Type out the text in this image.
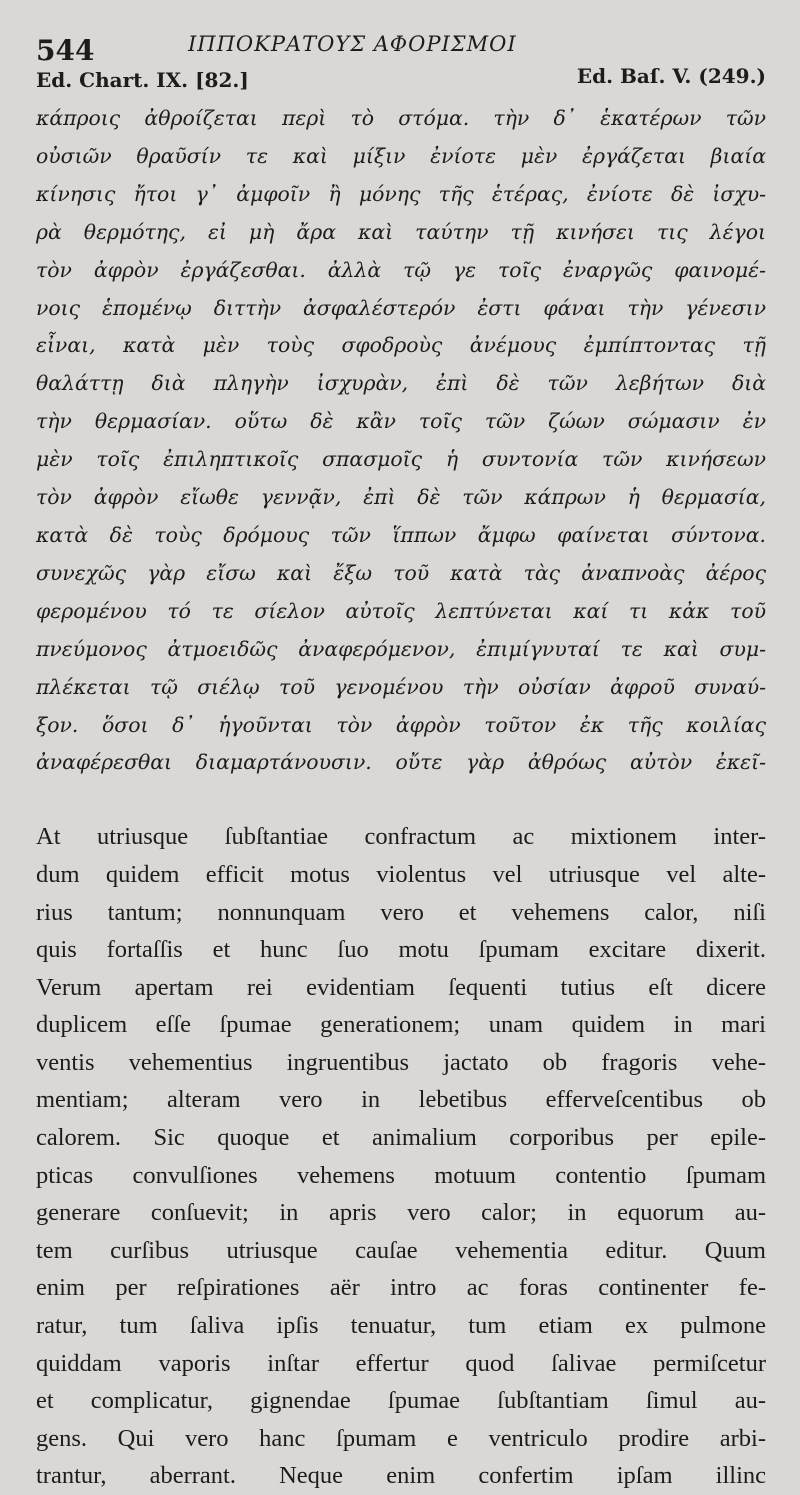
544	ΙΠΠΟΚΡΑΤΟΥΣ ΑΦΟΡΙΣΜΟΙ
Ed. Chart. IX. [82.]	Ed. Baſ. V. (249.)
κάπροις ἀθροίζεται περὶ τὸ στόμα. τὴν δ᾽ ἑκατέρων τῶν
οὐσιῶν θραῦσίν τε καὶ μίξιν ἐνίοτε μὲν ἐργάζεται βιαία
κίνησις ἤτοι γ᾽ ἀμφοῖν ἢ μόνης τῆς ἑτέρας, ἐνίοτε δὲ ἰσχυ-
ρὰ θερμότης, εἰ μὴ ἄρα καὶ ταύτην τῇ κινήσει τις λέγοι
τὸν ἀφρὸν ἐργάζεσθαι. ἀλλὰ τῷ γε τοῖς ἐναργῶς φαινομέ-
νοις ἑπομένῳ διττὴν ἀσφαλέστερόν ἐστι φάναι τὴν γένεσιν
εἶναι, κατὰ μὲν τοὺς σφοδροὺς ἀνέμους ἐμπίπτοντας τῇ
θαλάττῃ διὰ πληγὴν ἰσχυρὰν, ἐπὶ δὲ τῶν λεβήτων διὰ
τὴν θερμασίαν. οὕτω δὲ κἂν τοῖς τῶν ζώων σώμασιν ἐν
μὲν τοῖς ἐπιληπτικοῖς σπασμοῖς ἡ συντονία τῶν κινήσεων
τὸν ἀφρὸν εἴωθε γεννᾷν, ἐπὶ δὲ τῶν κάπρων ἡ θερμασία,
κατὰ δὲ τοὺς δρόμους τῶν ἵππων ἄμφω φαίνεται σύντονα.
συνεχῶς γὰρ εἴσω καὶ ἔξω τοῦ κατὰ τὰς ἀναπνοὰς ἀέρος
φερομένου τό τε σίελον αὐτοῖς λεπτύνεται καί τι κἀκ τοῦ
πνεύμονος ἀτμοειδῶς ἀναφερόμενον, ἐπιμίγνυταί τε καὶ συμ-
πλέκεται τῷ σιέλῳ τοῦ γενομένου τὴν οὐσίαν ἀφροῦ συναύ-
ξον. ὅσοι δ᾽ ἡγοῦνται τὸν ἀφρὸν τοῦτον ἐκ τῆς κοιλίας
ἀναφέρεσθαι διαμαρτάνουσιν. οὔτε γὰρ ἀθρόως αὐτὸν ἐκεῖ-
At utriusque ſubſtantiae confractum ac mixtionem inter-
dum quidem efficit motus violentus vel utriusque vel alte-
rius tantum; nonnunquam vero et vehemens calor, niſi
quis fortaſſis et hunc ſuo motu ſpumam excitare dixerit.
Verum apertam rei evidentiam ſequenti tutius eſt dicere
duplicem eſſe ſpumae generationem; unam quidem in mari
ventis vehementius ingruentibus jactato ob fragoris vehe-
mentiam; alteram vero in lebetibus efferveſcentibus ob
calorem. Sic quoque et animalium corporibus per epile-
pticas convulſiones vehemens motuum contentio ſpumam
generare conſuevit; in apris vero calor; in equorum au-
tem curſibus utriusque cauſae vehementia editur. Quum
enim per reſpirationes aër intro ac foras continenter fe-
ratur, tum ſaliva ipſis tenuatur, tum etiam ex pulmone
quiddam vaporis inſtar effertur quod ſalivae permiſcetur
et complicatur, gignendae ſpumae ſubſtantiam ſimul au-
gens. Qui vero hanc ſpumam e ventriculo prodire arbi-
trantur, aberrant. Neque enim confertim ipſam illinc
